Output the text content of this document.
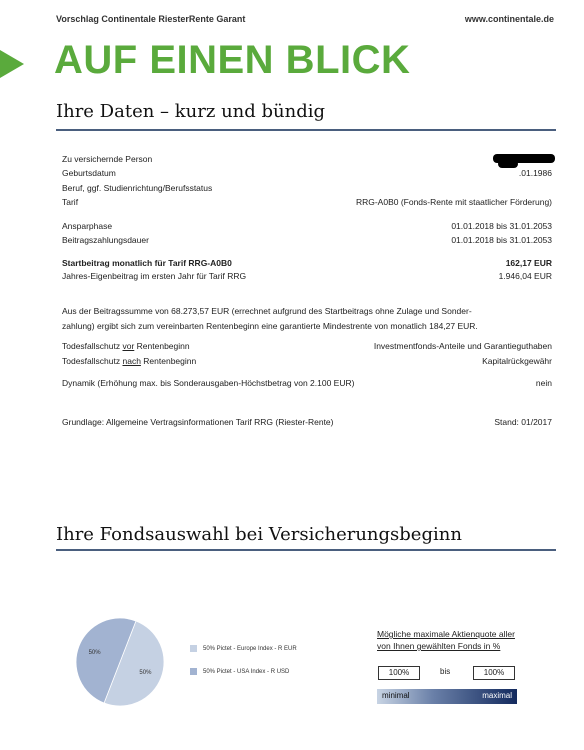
Vorschlag Continentale RiesterRente Garant	www.continentale.de
AUF EINEN BLICK
Ihre Daten – kurz und bündig
Zu versichernde Person
Geburtsdatum	.01.1986
Beruf, ggf. Studienrichtung/Berufsstatus
Tarif	RRG-A0B0 (Fonds-Rente mit staatlicher Förderung)
Ansparphase	01.01.2018 bis 31.01.2053
Beitragszahlungsdauer	01.01.2018 bis 31.01.2053
Startbeitrag monatlich für Tarif RRG-A0B0	162,17 EUR
Jahres-Eigenbeitrag im ersten Jahr für Tarif RRG	1.946,04 EUR
Aus der Beitragssumme von 68.273,57 EUR (errechnet aufgrund des Startbeitrags ohne Zulage und Sonder-
zahlung) ergibt sich zum vereinbarten Rentenbeginn eine garantierte Mindestrente von monatlich 184,27 EUR.
Todesfallschutz vor Rentenbeginn	Investmentfonds-Anteile und Garantieguthaben
Todesfallschutz nach Rentenbeginn	Kapitalrückgewähr
Dynamik (Erhöhung max. bis Sonderausgaben-Höchstbetrag von 2.100 EUR)	nein
Grundlage: Allgemeine Vertragsinformationen Tarif RRG (Riester-Rente)	Stand: 01/2017
Ihre Fondsauswahl bei Versicherungsbeginn
50%
50%
50% Pictet - Europe Index - R EUR
50% Pictet - USA Index - R USD
Mögliche maximale Aktienquote aller
von Ihnen gewählten Fonds in %
100%	bis	100%
minimal	maximal
